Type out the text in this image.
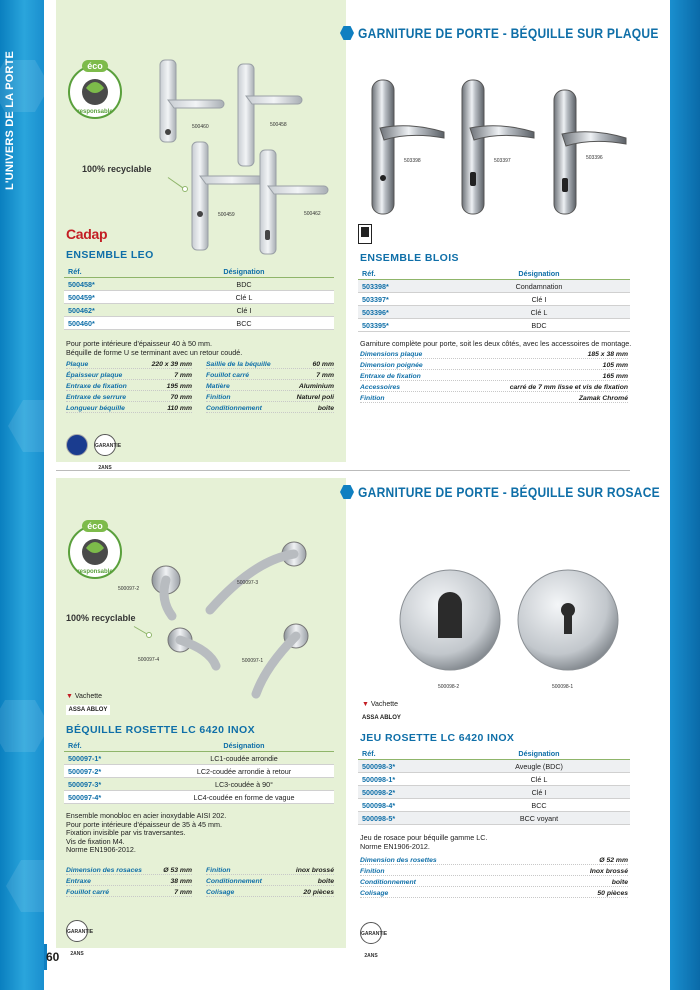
L'UNIVERS DE LA PORTE
GARNITURE DE PORTE - BÉQUILLE SUR PLAQUE
GARNITURE DE PORTE - BÉQUILLE SUR ROSACE
éco
responsable
100% recyclable
500460	500458
500459	500462
Cadap
ENSEMBLE LEO
Réf.	Désignation
500458*	BDC
500459*	Clé L
500462*	Clé I
500460*	BCC
Pour porte intérieure d'épaisseur 40 à 50 mm.
Béquille de forme U se terminant avec un retour coudé.
Plaque	220 x 39 mm
Épaisseur plaque	7 mm
Entraxe de fixation	195 mm
Entraxe de serrure	70 mm
Longueur béquille	110 mm
Saillie de la béquille	60 mm
Fouillot carré	7 mm
Matière	Aluminium
Finition	Naturel poli
Conditionnement	boîte
GARANTIE 2ANS
503398	503397	503396
ENSEMBLE BLOIS
Réf.	Désignation
503398*	Condamnation
503397*	Clé I
503396*	Clé L
503395*	BDC
Garniture complète pour porte, soit les deux côtés, avec les accessoires de montage.
Dimensions plaque	185 x 38 mm
Dimension poignée	105 mm
Entraxe de fixation	165 mm
Accessoires	carré de 7 mm lisse et vis de fixation
Finition	Zamak Chromé
éco
responsable
100% recyclable
500097-2
500097-3
500097-4	500097-1
▼ Vachette
ASSA ABLOY
BÉQUILLE ROSETTE LC 6420 INOX
Réf.	Désignation
500097-1*	LC1-coudée arrondie
500097-2*	LC2-coudée arrondie à retour
500097-3*	LC3-coudée à 90°
500097-4*	LC4-coudée en forme de vague
Ensemble monobloc en acier inoxydable AISI 202.
Pour porte intérieure d'épaisseur de 35 à 45 mm.
Fixation invisible par vis traversantes.
Vis de fixation M4.
Norme EN1906-2012.
Dimension des rosaces	Ø 53 mm
Entraxe	38 mm
Fouillot carré	7 mm
Finition	inox brossé
Conditionnement	boîte
Colisage	20 pièces
GARANTIE 2ANS
500098-2	500098-1
▼ Vachette
ASSA ABLOY
JEU ROSETTE LC 6420 INOX
Réf.	Désignation
500098-3*	Aveugle (BDC)
500098-1*	Clé L
500098-2*	Clé I
500098-4*	BCC
500098-5*	BCC voyant
Jeu de rosace pour béquille gamme LC.
Norme EN1906-2012.
Dimension des rosettes	Ø 52 mm
Finition	Inox brossé
Conditionnement	boîte
Colisage	50 pièces
GARANTIE 2ANS
60
